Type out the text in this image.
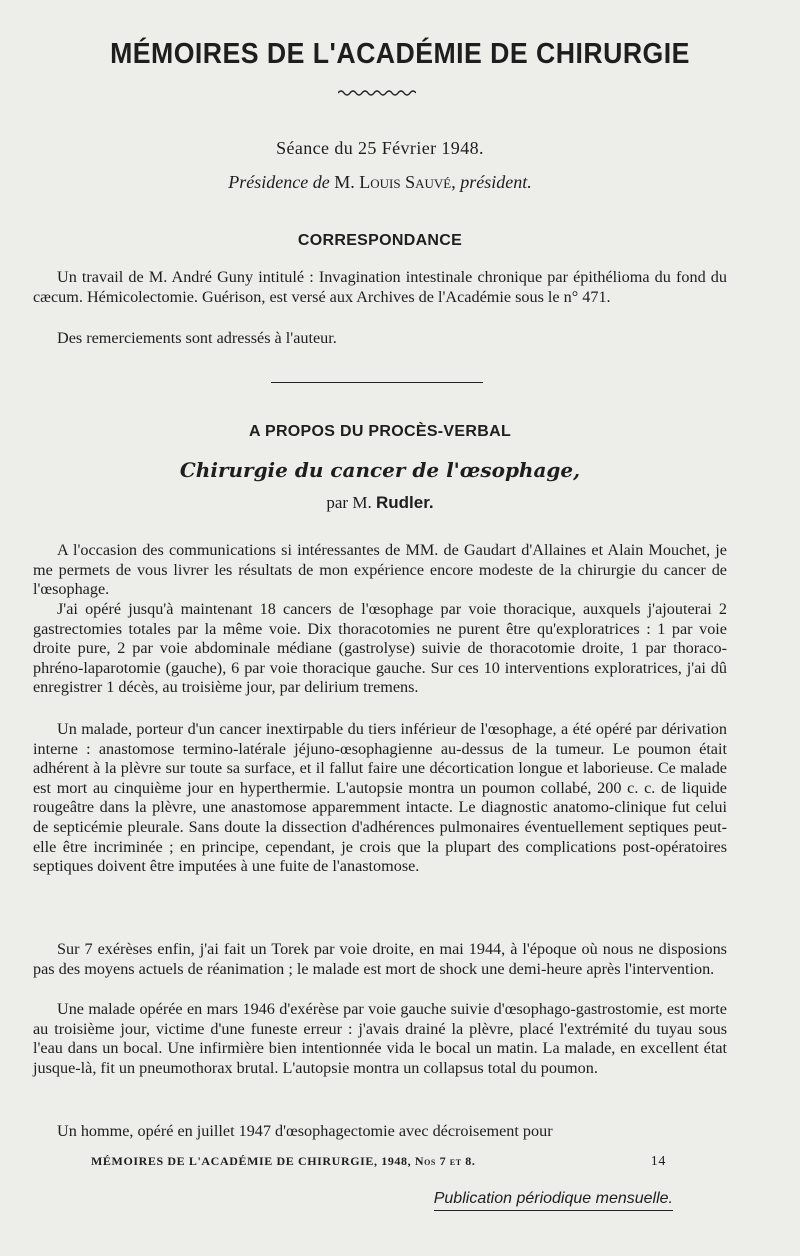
MÉMOIRES DE L'ACADÉMIE DE CHIRURGIE
Séance du 25 Février 1948.
Présidence de M. Louis Sauvé, président.
CORRESPONDANCE

Un travail de M. André Guny intitulé : Invagination intestinale chronique par épithélioma du fond du cæcum. Hémicolectomie. Guérison, est versé aux Archives de l'Académie sous le n° 471.

Des remerciements sont adressés à l'auteur.

A PROPOS DU PROCÈS-VERBAL
Chirurgie du cancer de l'œsophage,
par M. Rudler.

A l'occasion des communications si intéressantes de MM. de Gaudart d'Allaines et Alain Mouchet, je me permets de vous livrer les résultats de mon expérience encore modeste de la chirurgie du cancer de l'œsophage.

J'ai opéré jusqu'à maintenant 18 cancers de l'œsophage par voie thoracique, auxquels j'ajouterai 2 gastrectomies totales par la même voie. Dix thoracotomies ne purent être qu'exploratrices : 1 par voie droite pure, 2 par voie abdominale médiane (gastrolyse) suivie de thoracotomie droite, 1 par thoraco-phréno-laparotomie (gauche), 6 par voie thoracique gauche. Sur ces 10 interventions exploratrices, j'ai dû enregistrer 1 décès, au troisième jour, par delirium tremens.

Un malade, porteur d'un cancer inextirpable du tiers inférieur de l'œsophage, a été opéré par dérivation interne : anastomose termino-latérale jéjuno-œsophagienne au-dessus de la tumeur. Le poumon était adhérent à la plèvre sur toute sa surface, et il fallut faire une décortication longue et laborieuse. Ce malade est mort au cinquième jour en hyperthermie. L'autopsie montra un poumon collabé, 200 c. c. de liquide rougeâtre dans la plèvre, une anastomose apparemment intacte. Le diagnostic anatomo-clinique fut celui de septicémie pleurale. Sans doute la dissection d'adhérences pulmonaires éventuellement septiques peut-elle être incriminée ; en principe, cependant, je crois que la plupart des complications post-opératoires septiques doivent être imputées à une fuite de l'anastomose.

Sur 7 exérèses enfin, j'ai fait un Torek par voie droite, en mai 1944, à l'époque où nous ne disposions pas des moyens actuels de réanimation ; le malade est mort de shock une demi-heure après l'intervention.

Une malade opérée en mars 1946 d'exérèse par voie gauche suivie d'œsophago-gastrostomie, est morte au troisième jour, victime d'une funeste erreur : j'avais drainé la plèvre, placé l'extrémité du tuyau sous l'eau dans un bocal. Une infirmière bien intentionnée vida le bocal un matin. La malade, en excellent état jusque-là, fit un pneumothorax brutal. L'autopsie montra un collapsus total du poumon.

Un homme, opéré en juillet 1947 d'œsophagectomie avec décroisement pour

MÉMOIRES DE L'ACADÉMIE DE CHIRURGIE, 1948, Nos 7 et 8.	14
Publication périodique mensuelle.
